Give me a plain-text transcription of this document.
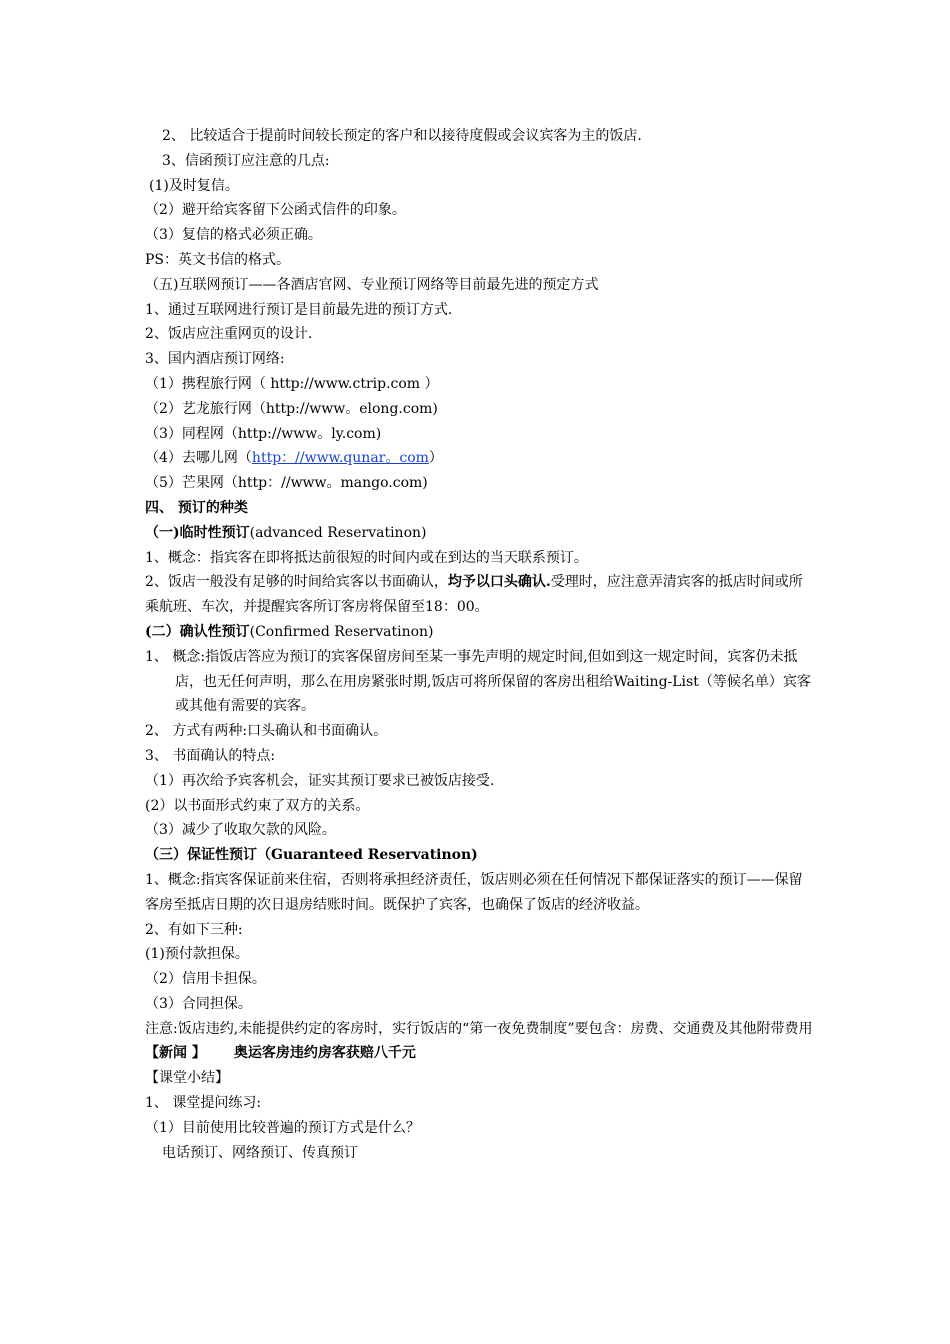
2、 比较适合于提前时间较长预定的客户和以接待度假或会议宾客为主的饭店.
3、信函预订应注意的几点:
(1)及时复信。
（2）避开给宾客留下公函式信件的印象。
（3）复信的格式必须正确。
PS：英文书信的格式。
（五)互联网预订——各酒店官网、专业预订网络等目前最先进的预定方式
1、通过互联网进行预订是目前最先进的预订方式.
2、饭店应注重网页的设计.
3、国内酒店预订网络:
（1）携程旅行网（ http://www.ctrip.com ）
（2）艺龙旅行网（http://www。elong.com)
（3）同程网（http://www。ly.com)
（4）去哪儿网（http：//www.qunar。com）
（5）芒果网（http：//www。mango.com)
四、 预订的种类
（一)临时性预订(advanced Reservatinon)
1、概念：指宾客在即将抵达前很短的时间内或在到达的当天联系预订。
2、饭店一般没有足够的时间给宾客以书面确认，均予以口头确认.受理时，应注意弄清宾客的抵店时间或所乘航班、车次，并提醒宾客所订客房将保留至18：00。
(二）确认性预订(Confirmed Reservatinon)
1、 概念:指饭店答应为预订的宾客保留房间至某一事先声明的规定时间,但如到这一规定时间，宾客仍未抵店，也无任何声明，那么在用房紧张时期,饭店可将所保留的客房出租给Waiting-List（等候名单）宾客或其他有需要的宾客。
2、 方式有两种:口头确认和书面确认。
3、 书面确认的特点:
（1）再次给予宾客机会，证实其预订要求已被饭店接受.
(2）以书面形式约束了双方的关系。
（3）减少了收取欠款的风险。
（三）保证性预订（Guaranteed Reservatinon)
1、概念:指宾客保证前来住宿，否则将承担经济责任，饭店则必须在任何情况下都保证落实的预订——保留客房至抵店日期的次日退房结账时间。既保护了宾客，也确保了饭店的经济收益。
2、有如下三种:
(1)预付款担保。
（2）信用卡担保。
（3）合同担保。
注意:饭店违约,未能提供约定的客房时，实行饭店的“第一夜免费制度”要包含：房费、交通费及其他附带费用
【新闻 】 奥运客房违约房客获赔八千元
【课堂小结】
1、 课堂提问练习:
（1）目前使用比较普遍的预订方式是什么？
电话预订、网络预订、传真预订
